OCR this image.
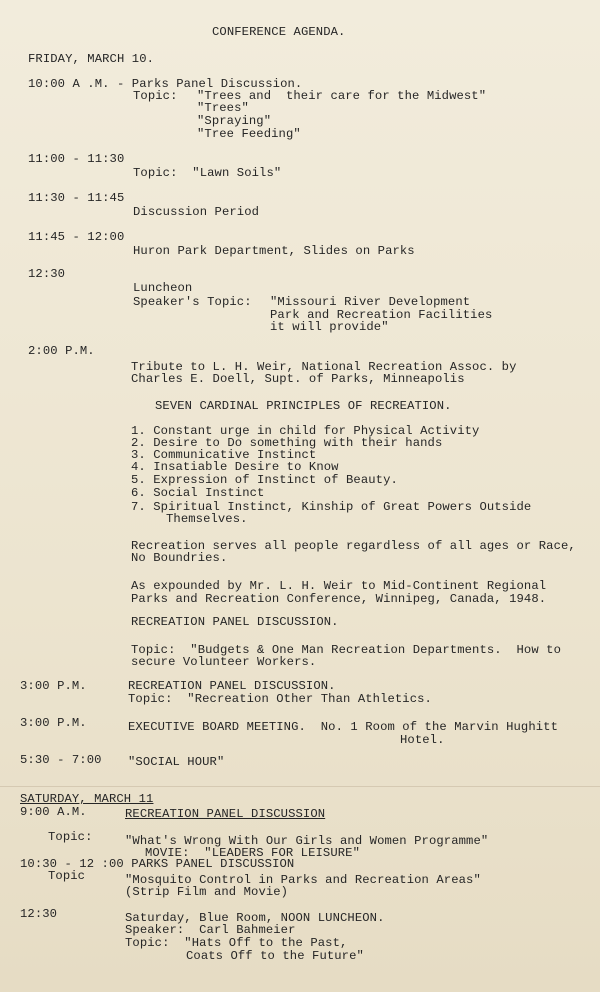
CONFERENCE AGENDA.
FRIDAY, MARCH 10.
10:00 A .M. - Parks Panel Discussion.
Topic: "Trees and  their care for the Midwest"
"Trees"
"Spraying"
"Tree Feeding"
11:00 - 11:30
Topic:  "Lawn Soils"
11:30 - 11:45
Discussion Period
11:45 - 12:00
Huron Park Department, Slides on Parks
12:30
Luncheon
Speaker's Topic: "Missouri River Development
Park and Recreation Facilities
it will provide"
2:00 P.M.
Tribute to L. H. Weir, National Recreation Assoc. by
Charles E. Doell, Supt. of Parks, Minneapolis
SEVEN CARDINAL PRINCIPLES OF RECREATION.
1. Constant urge in child for Physical Activity
2. Desire to Do something with their hands
3. Communicative Instinct
4. Insatiable Desire to Know
5. Expression of Instinct of Beauty.
6. Social Instinct
7. Spiritual Instinct, Kinship of Great Powers Outside
Themselves.
Recreation serves all people regardless of all ages or Race,
No Boundries.
As expounded by Mr. L. H. Weir to Mid-Continent Regional
Parks and Recreation Conference, Winnipeg, Canada, 1948.
RECREATION PANEL DISCUSSION.
Topic:  "Budgets & One Man Recreation Departments.  How to
secure Volunteer Workers.
3:00 P.M.	RECREATION PANEL DISCUSSION.
Topic:  "Recreation Other Than Athletics.
3:00 P.M.	EXECUTIVE BOARD MEETING.  No. 1 Room of the Marvin Hughitt
Hotel.
5:30 - 7:00 "SOCIAL HOUR"
SATURDAY, MARCH 11
9:00 A.M.	RECREATION PANEL DISCUSSION
Topic:	"What's Wrong With Our Girls and Women Programme"
MOVIE:  "LEADERS FOR LEISURE"
10:30 - 12 :00 PARKS PANEL DISCUSSION
Topic	"Mosquito Control in Parks and Recreation Areas"
(Strip Film and Movie)
12:30	Saturday, Blue Room, NOON LUNCHEON.
Speaker:  Carl Bahmeier
Topic:  "Hats Off to the Past,
Coats Off to the Future"
